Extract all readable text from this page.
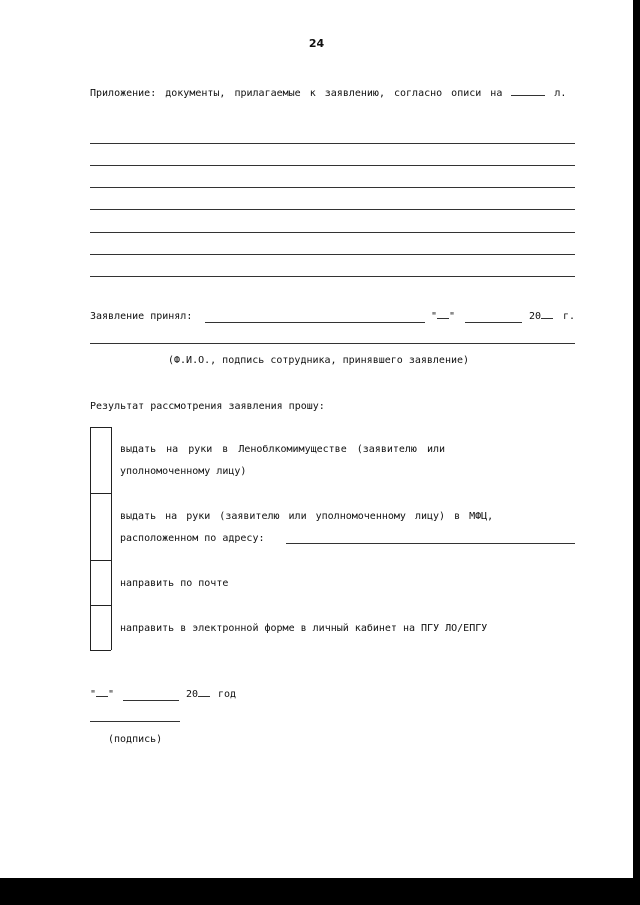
24
Приложение: документы, прилагаемые к заявлению, согласно описи на	л.
Заявление принял:	" "	20	г.
(Ф.И.О., подпись сотрудника, принявшего заявление)
Результат рассмотрения заявления прошу:
выдать на руки в Леноблкомимуществе (заявителю или
уполномоченному лицу)
выдать на руки (заявителю или уполномоченному лицу) в МФЦ,
расположенном по адресу:
направить по почте
направить в электронной форме в личный кабинет на ПГУ ЛО/ЕПГУ
" "	20	год
(подпись)
